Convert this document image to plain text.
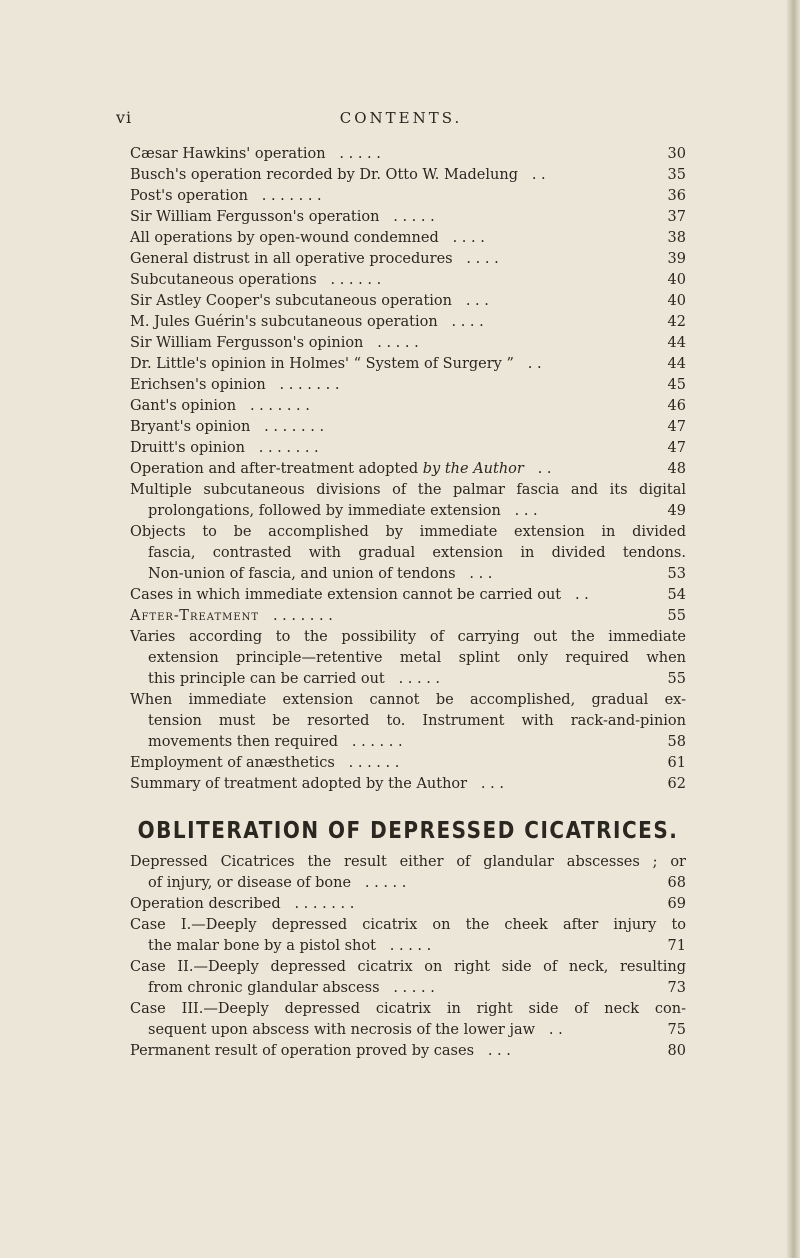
vi	CONTENTS.
Cæsar Hawkins' operation . . . . .	30
Busch's operation recorded by Dr. Otto W. Madelung . .	35
Post's operation . . . . . . .	36
Sir William Fergusson's operation . . . . .	37
All operations by open-wound condemned . . . .	38
General distrust in all operative procedures . . . .	39
Subcutaneous operations . . . . . .	40
Sir Astley Cooper's subcutaneous operation . . .	40
M. Jules Guérin's subcutaneous operation . . . .	42
Sir William Fergusson's opinion . . . . .	44
Dr. Little's opinion in Holmes' “ System of Surgery ” . .	44
Erichsen's opinion . . . . . . .	45
Gant's opinion . . . . . . .	46
Bryant's opinion . . . . . . .	47
Druitt's opinion . . . . . . .	47
Operation and after-treatment adopted by the Author . .	48
Multiple subcutaneous divisions of the palmar fascia and its digital
prolongations, followed by immediate extension . . .	49
Objects to be accomplished by immediate extension in divided
fascia, contrasted with gradual extension in divided tendons.
Non-union of fascia, and union of tendons . . .	53
Cases in which immediate extension cannot be carried out . .	54
After-Treatment . . . . . . .	55
Varies according to the possibility of carrying out the immediate
extension principle—retentive metal splint only required when
this principle can be carried out . . . . .	55
When immediate extension cannot be accomplished, gradual ex-
tension must be resorted to. Instrument with rack-and-pinion
movements then required . . . . . .	58
Employment of anæsthetics . . . . . .	61
Summary of treatment adopted by the Author . . .	62
OBLITERATION OF DEPRESSED CICATRICES.
Depressed Cicatrices the result either of glandular abscesses ; or
of injury, or disease of bone . . . . .	68
Operation described . . . . . . .	69
Case I.—Deeply depressed cicatrix on the cheek after injury to
the malar bone by a pistol shot . . . . .	71
Case II.—Deeply depressed cicatrix on right side of neck, resulting
from chronic glandular abscess . . . . .	73
Case III.—Deeply depressed cicatrix in right side of neck con-
sequent upon abscess with necrosis of the lower jaw . .	75
Permanent result of operation proved by cases . . .	80
